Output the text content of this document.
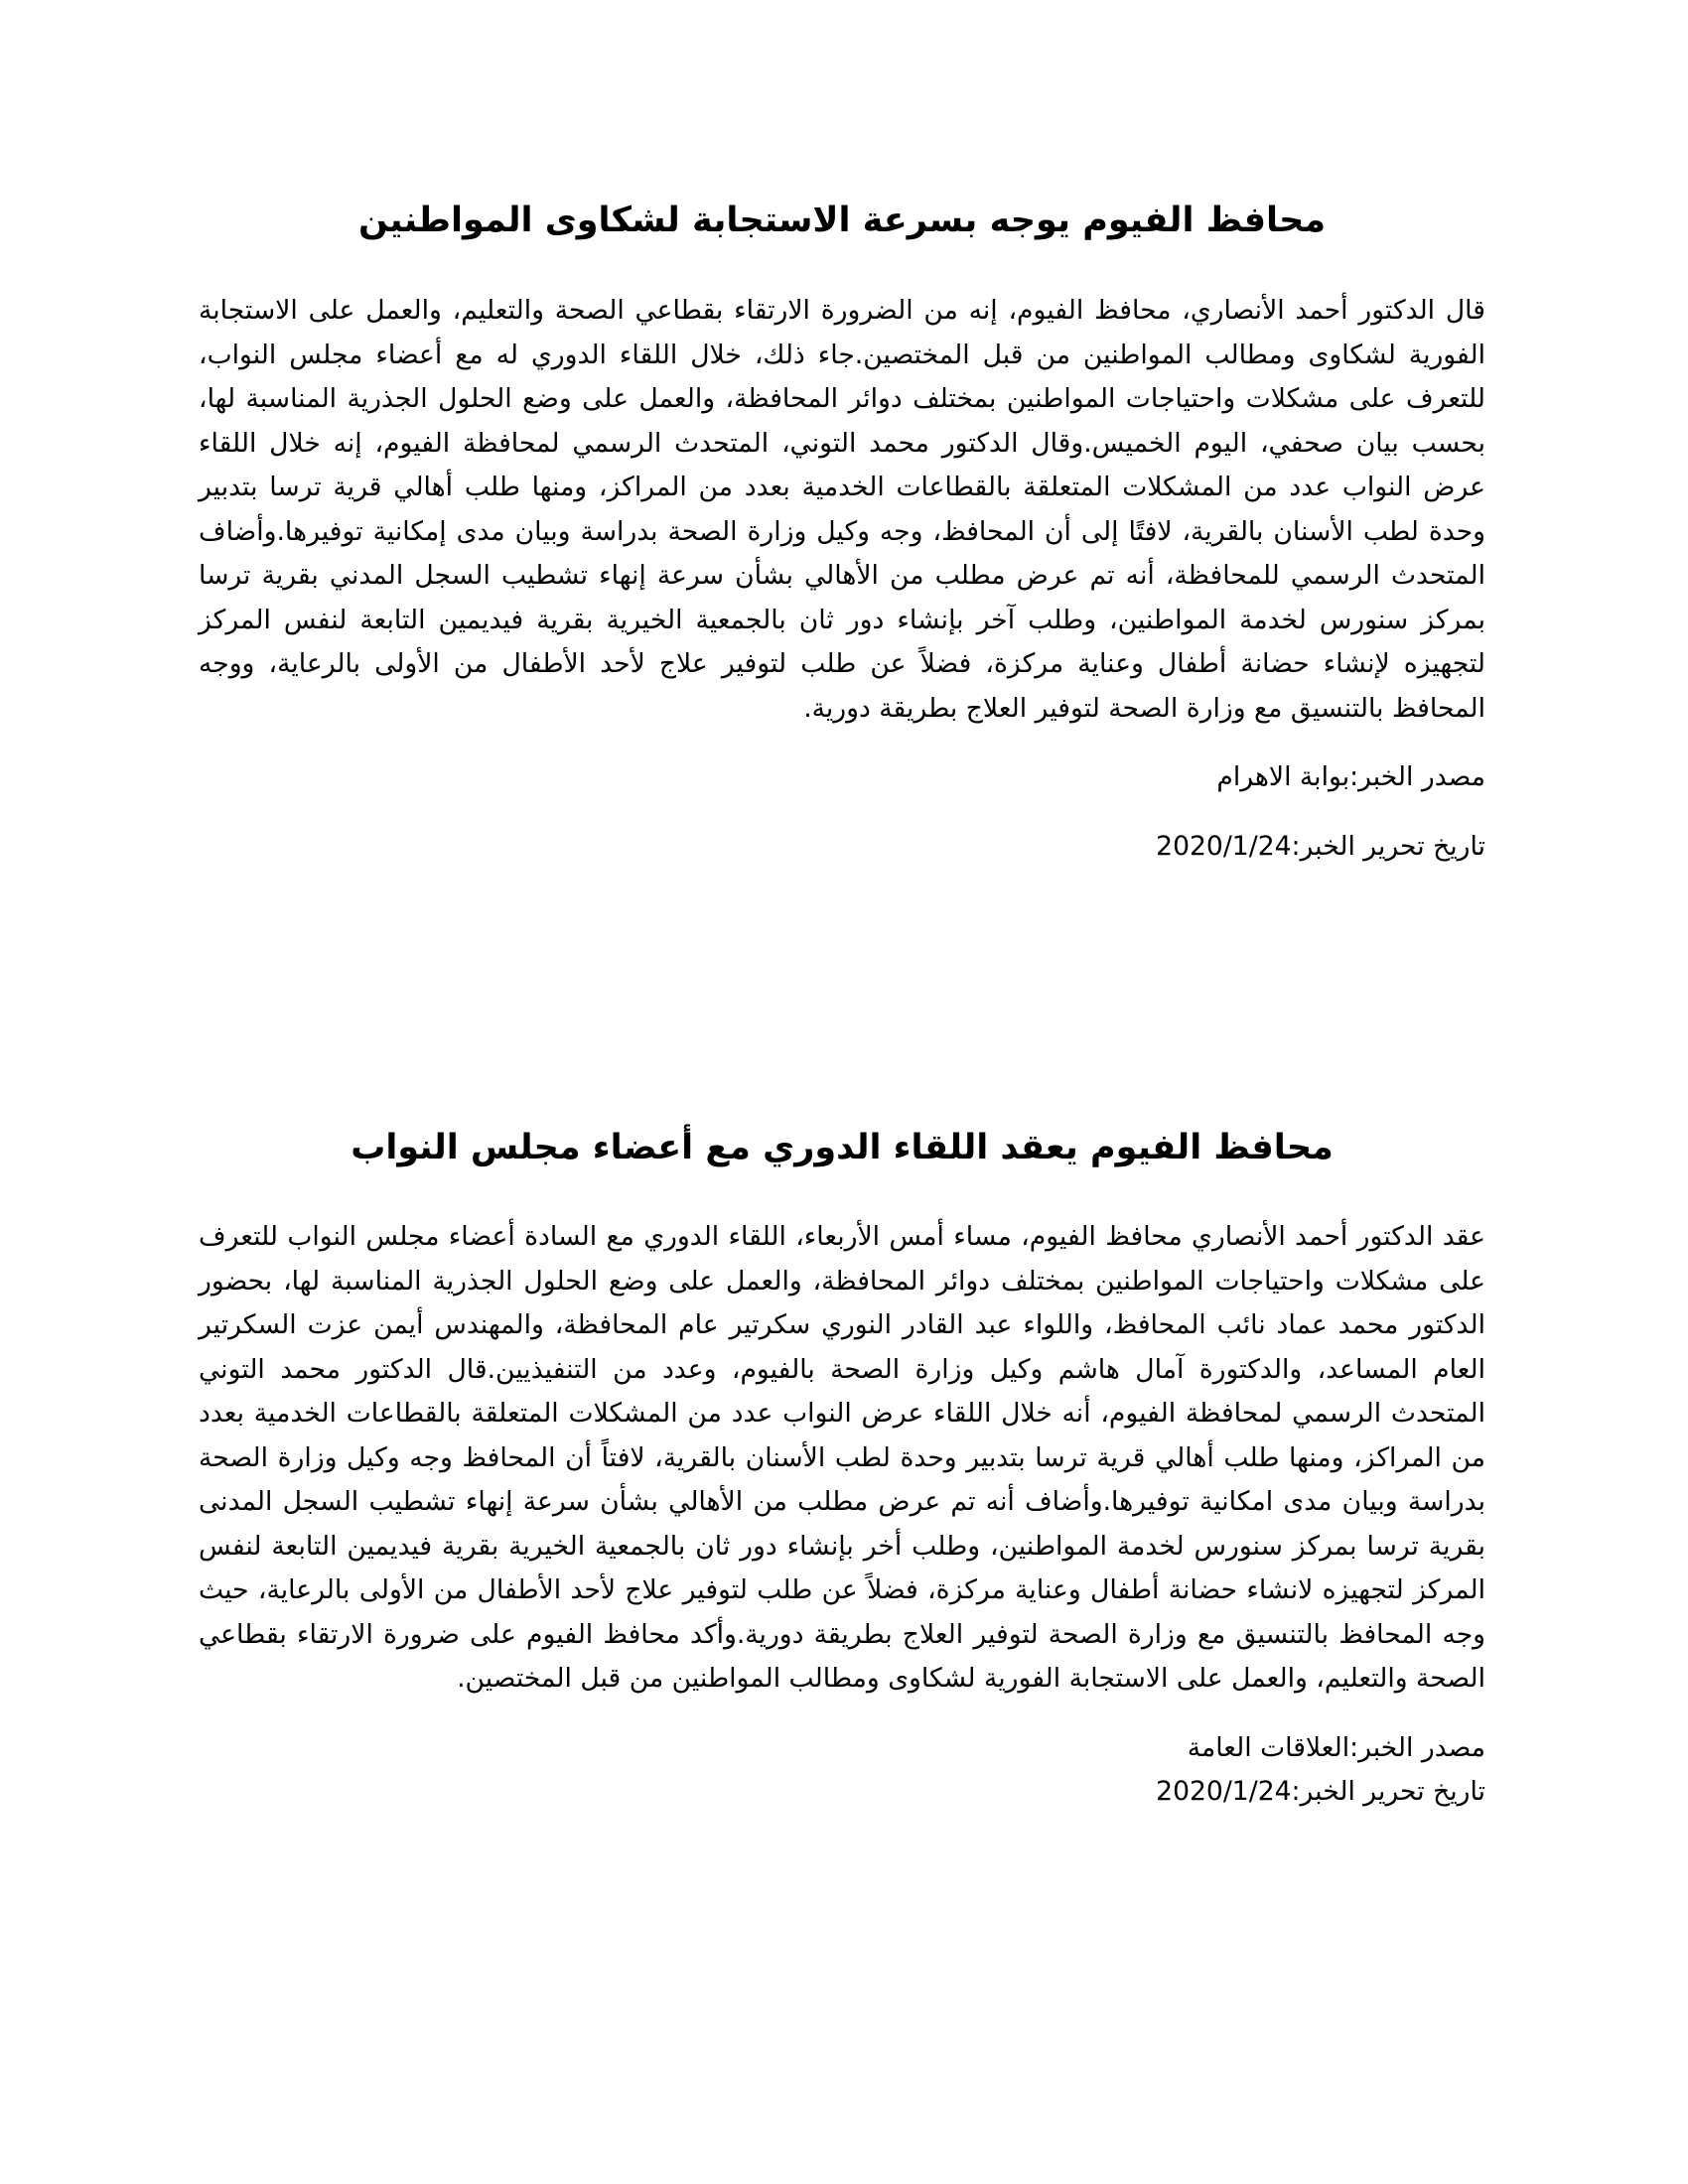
محافظ الفيوم يوجه بسرعة الاستجابة لشكاوى المواطنين

قال الدكتور أحمد الأنصاري، محافظ الفيوم، إنه من الضرورة الارتقاء بقطاعي الصحة والتعليم، والعمل على الاستجابة الفورية لشكاوى ومطالب المواطنين من قبل المختصين.جاء ذلك، خلال اللقاء الدوري له مع أعضاء مجلس النواب، للتعرف على مشكلات واحتياجات المواطنين بمختلف دوائر المحافظة، والعمل على وضع الحلول الجذرية المناسبة لها، بحسب بيان صحفي، اليوم الخميس.وقال الدكتور محمد التوني، المتحدث الرسمي لمحافظة الفيوم، إنه خلال اللقاء عرض النواب عدد من المشكلات المتعلقة بالقطاعات الخدمية بعدد من المراكز، ومنها طلب أهالي قرية ترسا بتدبير وحدة لطب الأسنان بالقرية، لافتًا إلى أن المحافظ، وجه وكيل وزارة الصحة بدراسة وبيان مدى إمكانية توفيرها.وأضاف المتحدث الرسمي للمحافظة، أنه تم عرض مطلب من الأهالي بشأن سرعة إنهاء تشطيب السجل المدني بقرية ترسا بمركز سنورس لخدمة المواطنين، وطلب آخر بإنشاء دور ثان بالجمعية الخيرية بقرية فيديمين التابعة لنفس المركز لتجهيزه لإنشاء حضانة أطفال وعناية مركزة، فضلاً عن طلب لتوفير علاج لأحد الأطفال من الأولى بالرعاية، ووجه المحافظ بالتنسيق مع وزارة الصحة لتوفير العلاج بطريقة دورية.

مصدر الخبر:بوابة الاهرام

تاريخ تحرير الخبر:2020/1/24

محافظ الفيوم يعقد اللقاء الدوري مع أعضاء مجلس النواب

عقد الدكتور أحمد الأنصاري محافظ الفيوم، مساء أمس الأربعاء، اللقاء الدوري مع السادة أعضاء مجلس النواب للتعرف على مشكلات واحتياجات المواطنين بمختلف دوائر المحافظة، والعمل على وضع الحلول الجذرية المناسبة لها، بحضور الدكتور محمد عماد نائب المحافظ، واللواء عبد القادر النوري سكرتير عام المحافظة، والمهندس أيمن عزت السكرتير العام المساعد، والدكتورة آمال هاشم وكيل وزارة الصحة بالفيوم، وعدد من التنفيذيين.قال الدكتور محمد التوني المتحدث الرسمي لمحافظة الفيوم، أنه خلال اللقاء عرض النواب عدد من المشكلات المتعلقة بالقطاعات الخدمية بعدد من المراكز، ومنها طلب أهالي قرية ترسا بتدبير وحدة لطب الأسنان بالقرية، لافتاً أن المحافظ وجه وكيل وزارة الصحة بدراسة وبيان مدى امكانية توفيرها.وأضاف أنه تم عرض مطلب من الأهالي بشأن سرعة إنهاء تشطيب السجل المدنى بقرية ترسا بمركز سنورس لخدمة المواطنين، وطلب أخر بإنشاء دور ثان بالجمعية الخيرية بقرية فيديمين التابعة لنفس المركز لتجهيزه لانشاء حضانة أطفال وعناية مركزة، فضلاً عن طلب لتوفير علاج لأحد الأطفال من الأولى بالرعاية، حيث وجه المحافظ بالتنسيق مع وزارة الصحة لتوفير العلاج بطريقة دورية.وأكد محافظ الفيوم على ضرورة الارتقاء بقطاعي الصحة والتعليم، والعمل على الاستجابة الفورية لشكاوى ومطالب المواطنين من قبل المختصين.

مصدر الخبر:العلاقات العامة

تاريخ تحرير الخبر:2020/1/24
